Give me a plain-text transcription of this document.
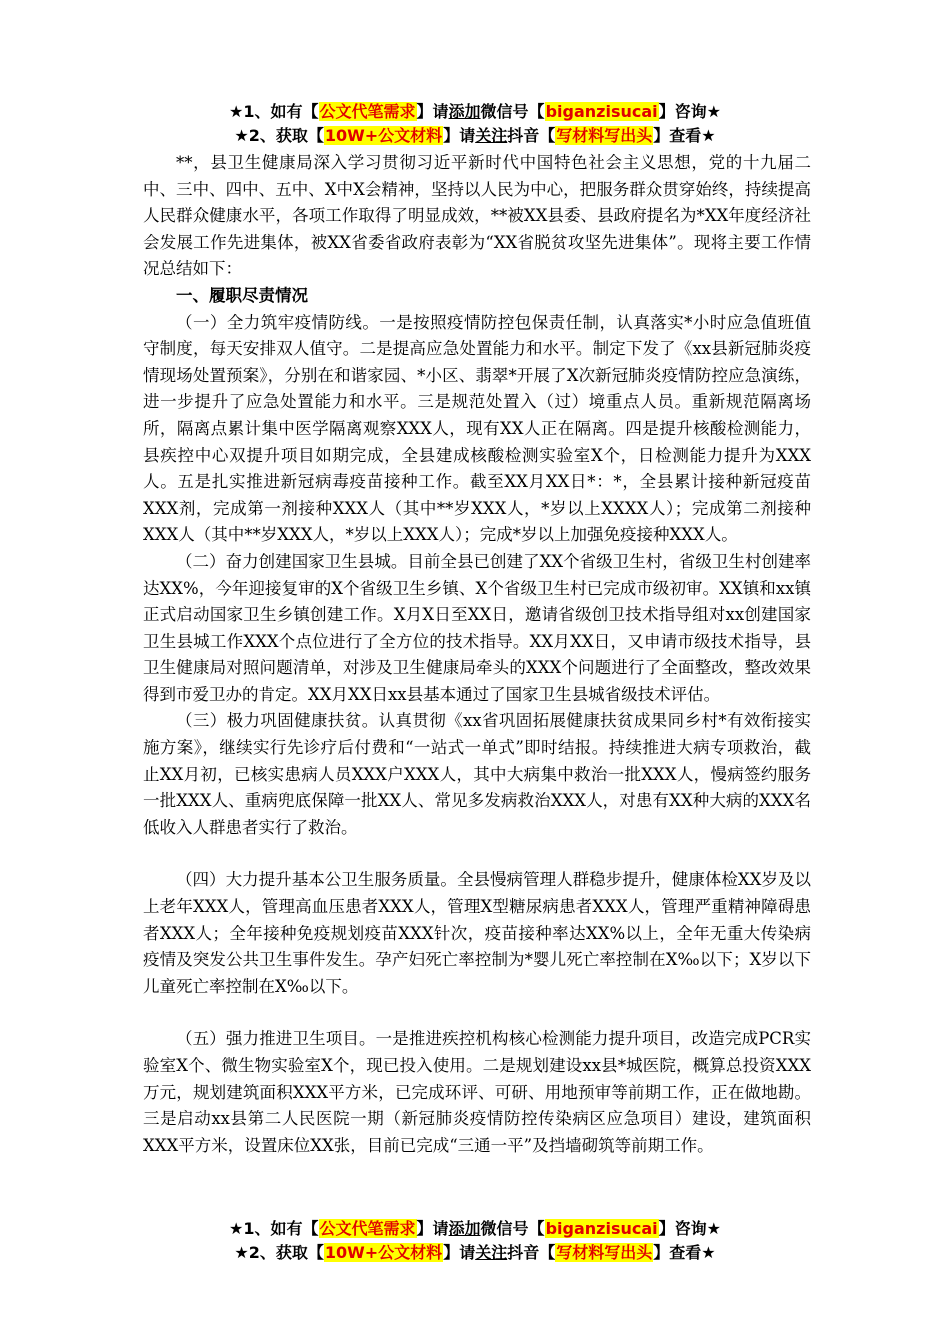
★1、如有【公文代笔需求】请添加微信号【biganzisucai】咨询★
★2、获取【10W+公文材料】请关注抖音【写材料写出头】查看★

**，县卫生健康局深入学习贯彻习近平新时代中国特色社会主义思想，党的十九届二中、三中、四中、五中、X中X会精神，坚持以人民为中心，把服务群众贯穿始终，持续提高人民群众健康水平，各项工作取得了明显成效，**被XX县委、县政府提名为*XX年度经济社会发展工作先进集体，被XX省委省政府表彰为“XX省脱贫攻坚先进集体”。现将主要工作情况总结如下：

一、履职尽责情况

（一）全力筑牢疫情防线。一是按照疫情防控包保责任制，认真落实*小时应急值班值守制度，每天安排双人值守。二是提高应急处置能力和水平。制定下发了《xx县新冠肺炎疫情现场处置预案》，分别在和谐家园、*小区、翡翠*开展了X次新冠肺炎疫情防控应急演练，进一步提升了应急处置能力和水平。三是规范处置入（过）境重点人员。重新规范隔离场所，隔离点累计集中医学隔离观察XXX人，现有XX人正在隔离。四是提升核酸检测能力，县疾控中心双提升项目如期完成，全县建成核酸检测实验室X个，日检测能力提升为XXX人。五是扎实推进新冠病毒疫苗接种工作。截至XX月XX日*：*，全县累计接种新冠疫苗XXX剂，完成第一剂接种XXX人（其中**岁XXX人，*岁以上XXXX人）；完成第二剂接种XXX人（其中**岁XXX人，*岁以上XXX人）；完成*岁以上加强免疫接种XXX人。

（二）奋力创建国家卫生县城。目前全县已创建了XX个省级卫生村，省级卫生村创建率达XX%，今年迎接复审的X个省级卫生乡镇、X个省级卫生村已完成市级初审。XX镇和xx镇正式启动国家卫生乡镇创建工作。X月X日至XX日，邀请省级创卫技术指导组对xx创建国家卫生县城工作XXX个点位进行了全方位的技术指导。XX月XX日，又申请市级技术指导，县卫生健康局对照问题清单，对涉及卫生健康局牵头的XXX个问题进行了全面整改，整改效果得到市爱卫办的肯定。XX月XX日xx县基本通过了国家卫生县城省级技术评估。

（三）极力巩固健康扶贫。认真贯彻《xx省巩固拓展健康扶贫成果同乡村*有效衔接实施方案》，继续实行先诊疗后付费和“一站式一单式”即时结报。持续推进大病专项救治，截止XX月初，已核实患病人员XXX户XXX人，其中大病集中救治一批XXX人，慢病签约服务一批XXX人、重病兜底保障一批XX人、常见多发病救治XXX人，对患有XX种大病的XXX名低收入人群患者实行了救治。

（四）大力提升基本公卫生服务质量。全县慢病管理人群稳步提升，健康体检XX岁及以上老年XXX人，管理高血压患者XXX人，管理X型糖尿病患者XXX人，管理严重精神障碍患者XXX人；全年接种免疫规划疫苗XXX针次，疫苗接种率达XX%以上，全年无重大传染病疫情及突发公共卫生事件发生。孕产妇死亡率控制为*婴儿死亡率控制在X‰以下；X岁以下儿童死亡率控制在X‰以下。

（五）强力推进卫生项目。一是推进疾控机构核心检测能力提升项目，改造完成PCR实验室X个、微生物实验室X个，现已投入使用。二是规划建设xx县*城医院，概算总投资XXX万元，规划建筑面积XXX平方米，已完成环评、可研、用地预审等前期工作，正在做地勘。三是启动xx县第二人民医院一期（新冠肺炎疫情防控传染病区应急项目）建设，建筑面积XXX平方米，设置床位XX张，目前已完成“三通一平”及挡墙砌筑等前期工作。

★1、如有【公文代笔需求】请添加微信号【biganzisucai】咨询★
★2、获取【10W+公文材料】请关注抖音【写材料写出头】查看★
